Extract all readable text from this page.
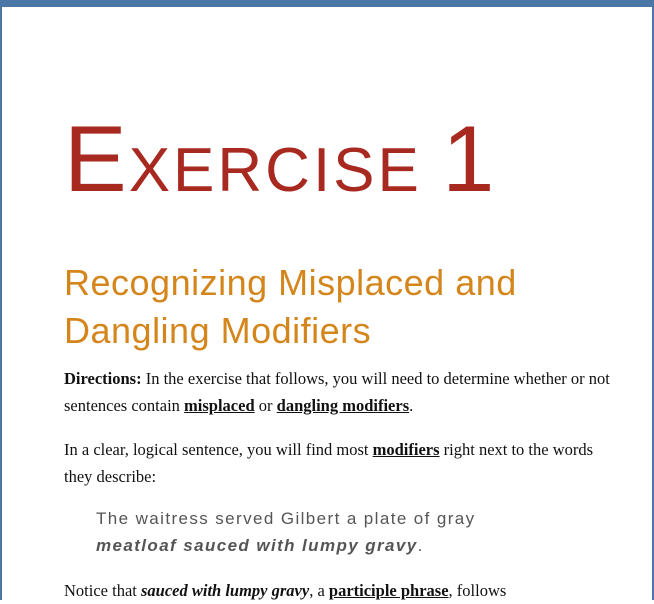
EXERCISE 1
Recognizing Misplaced and
Dangling Modifiers

Directions: In the exercise that follows, you will need to determine whether or not sentences contain misplaced or dangling modifiers.

In a clear, logical sentence, you will find most modifiers right next to the words they describe:

The waitress served Gilbert a plate of gray
meatloaf sauced with lumpy gravy.

Notice that sauced with lumpy gravy, a participle phrase, follows
